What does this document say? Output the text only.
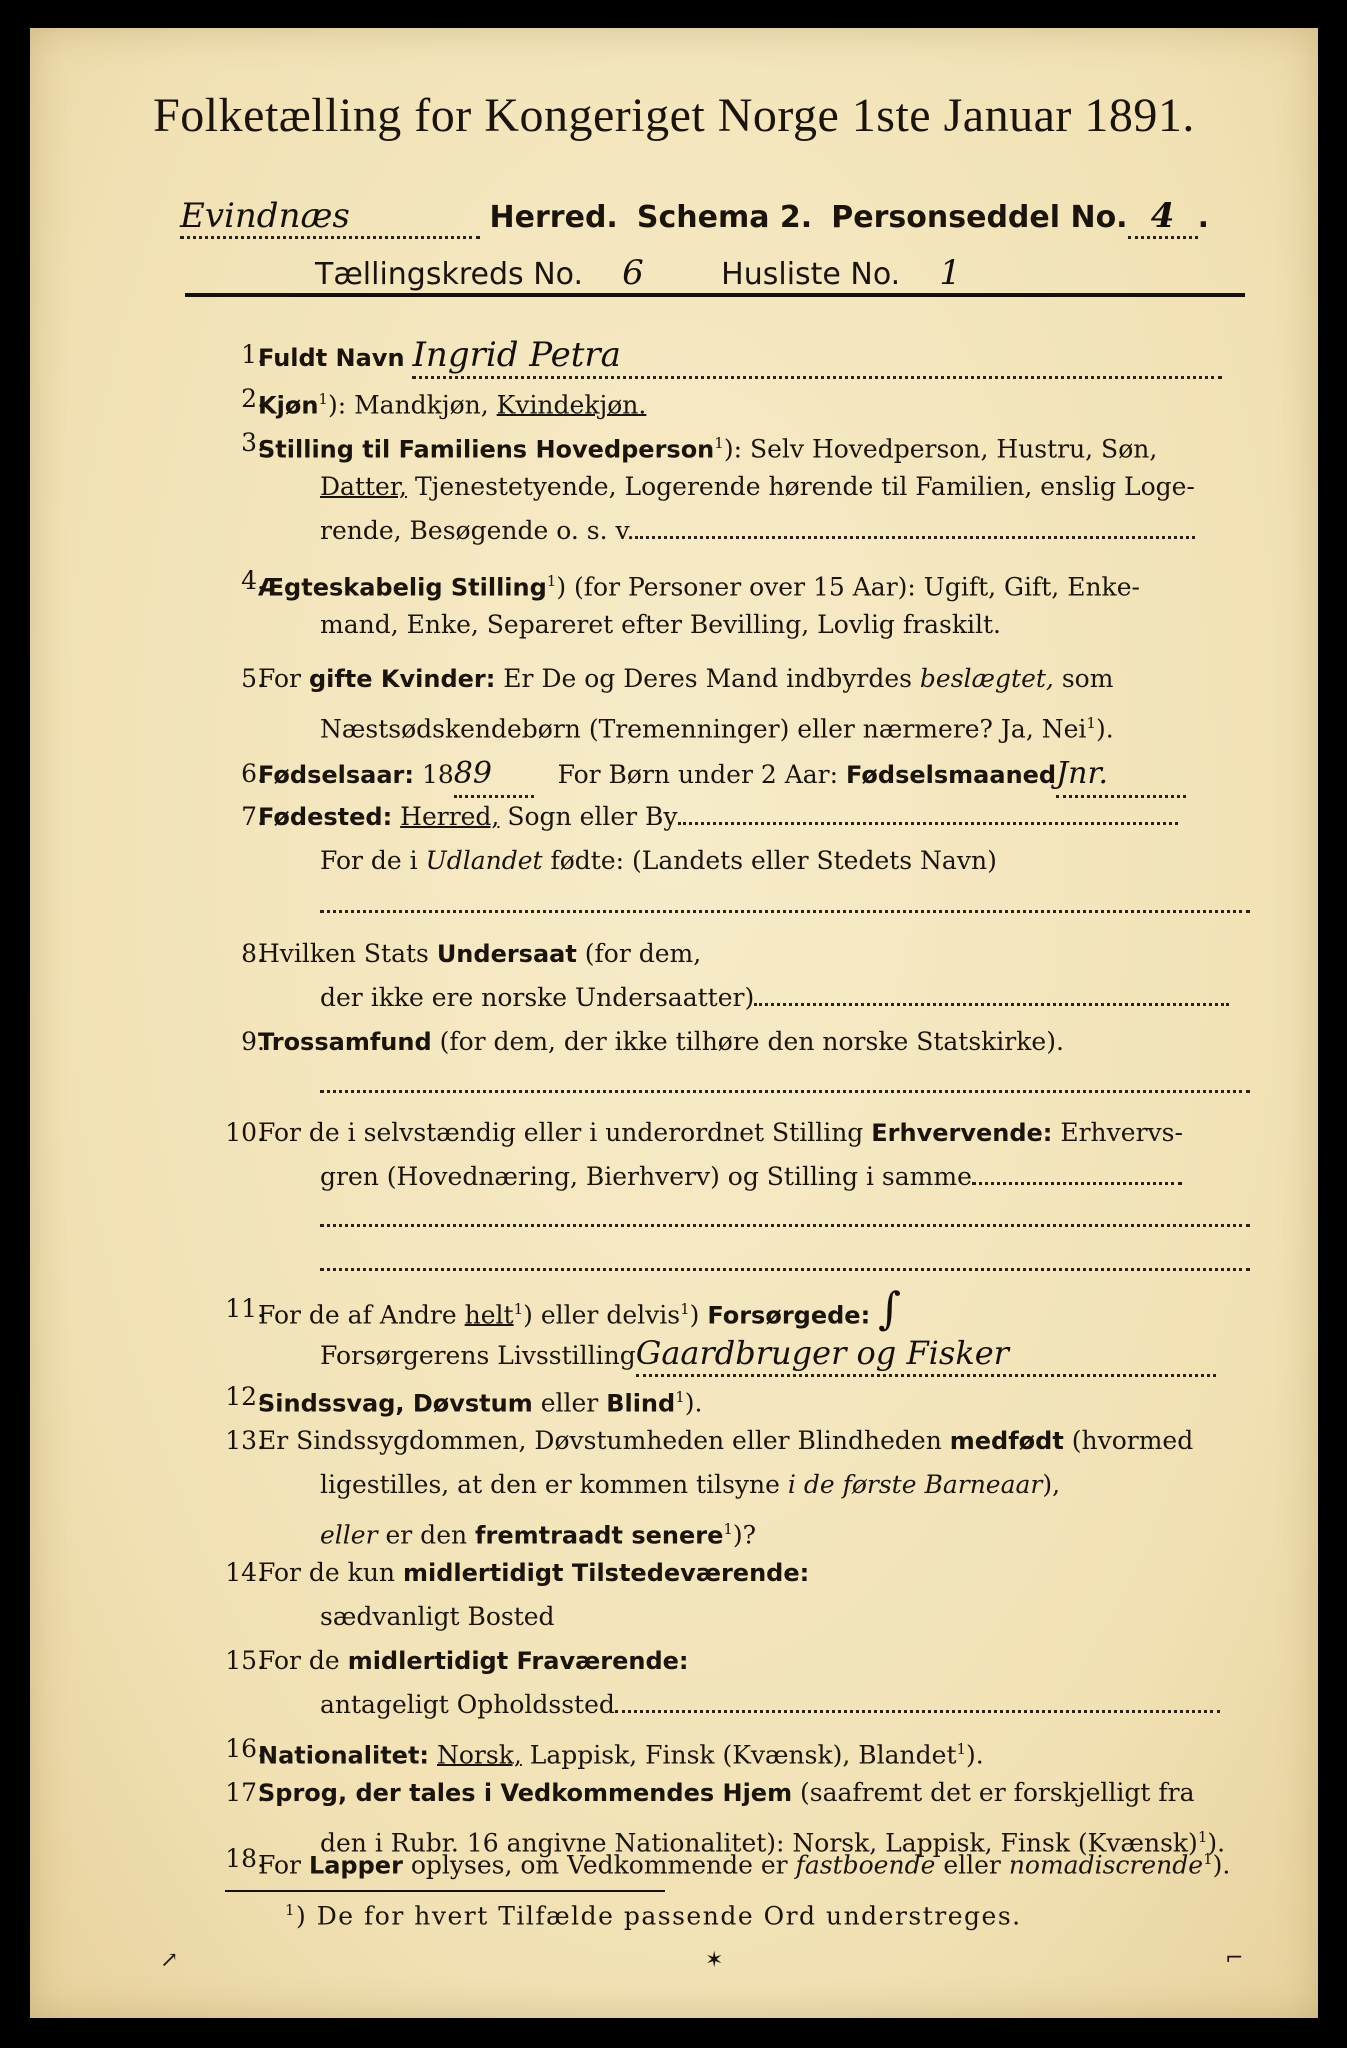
Folketælling for Kongeriget Norge 1ste Januar 1891.
Evindnæs	Herred. Schema 2. Personseddel No. 4 .
Tællingskreds No. 6	Husliste No. 1
1.
Fuldt Navn Ingrid Petra
2.
Kjøn$^1$): Mandkjøn, Kvindekjøn.
3.
Stilling til Familiens Hovedperson$^1$): Selv Hovedperson, Hustru, Søn,
Datter, Tjenestetyende, Logerende hørende til Familien, enslig Loge-
rende, Besøgende o. s. v.
4.
Ægteskabelig Stilling$^1$) (for Personer over 15 Aar): Ugift, Gift, Enke-
mand, Enke, Separeret efter Bevilling, Lovlig fraskilt.
5.
For gifte Kvinder: Er De og Deres Mand indbyrdes beslægtet, som
Næstsødskendebørn (Tremenninger) eller nærmere? Ja, Nei$^1$).
6.
Fødselsaar: 1889	For Børn under 2 Aar: FødselsmaanedJnr.
7.
Fødested: Herred, Sogn eller By
For de i Udlandet fødte: (Landets eller Stedets Navn)
8.
Hvilken Stats Undersaat (for dem,
der ikke ere norske Undersaatter)
9.
Trossamfund (for dem, der ikke tilhøre den norske Statskirke).
10.
For de i selvstændig eller i underordnet Stilling Erhvervende: Erhvervs-
gren (Hovednæring, Bierhverv) og Stilling i samme
11.
For de af Andre helt$^1$) eller delvis$^1$) Forsørgede: ∫
Forsørgerens LivsstillingGaardbruger og Fisker
12.
Sindssvag, Døvstum eller Blind$^1$).
13.
Er Sindssygdommen, Døvstumheden eller Blindheden medfødt (hvormed
ligestilles, at den er kommen tilsyne i de første Barneaar),
eller er den fremtraadt senere$^1$)?
14.
For de kun midlertidigt Tilstedeværende:
sædvanligt Bosted
15.
For de midlertidigt Fraværende:
antageligt Opholdssted
16.
Nationalitet: Norsk, Lappisk, Finsk (Kvænsk), Blandet$^1$).
17.
Sprog, der tales i Vedkommendes Hjem (saafremt det er forskjelligt fra
den i Rubr. 16 angivne Nationalitet): Norsk, Lappisk, Finsk (Kvænsk)$^1$).
18.
For Lapper oplyses, om Vedkommende er fastboende eller nomadiscrende$^1$).
$^1$) De for hvert Tilfælde passende Ord understreges.
↗	✶	⌐
